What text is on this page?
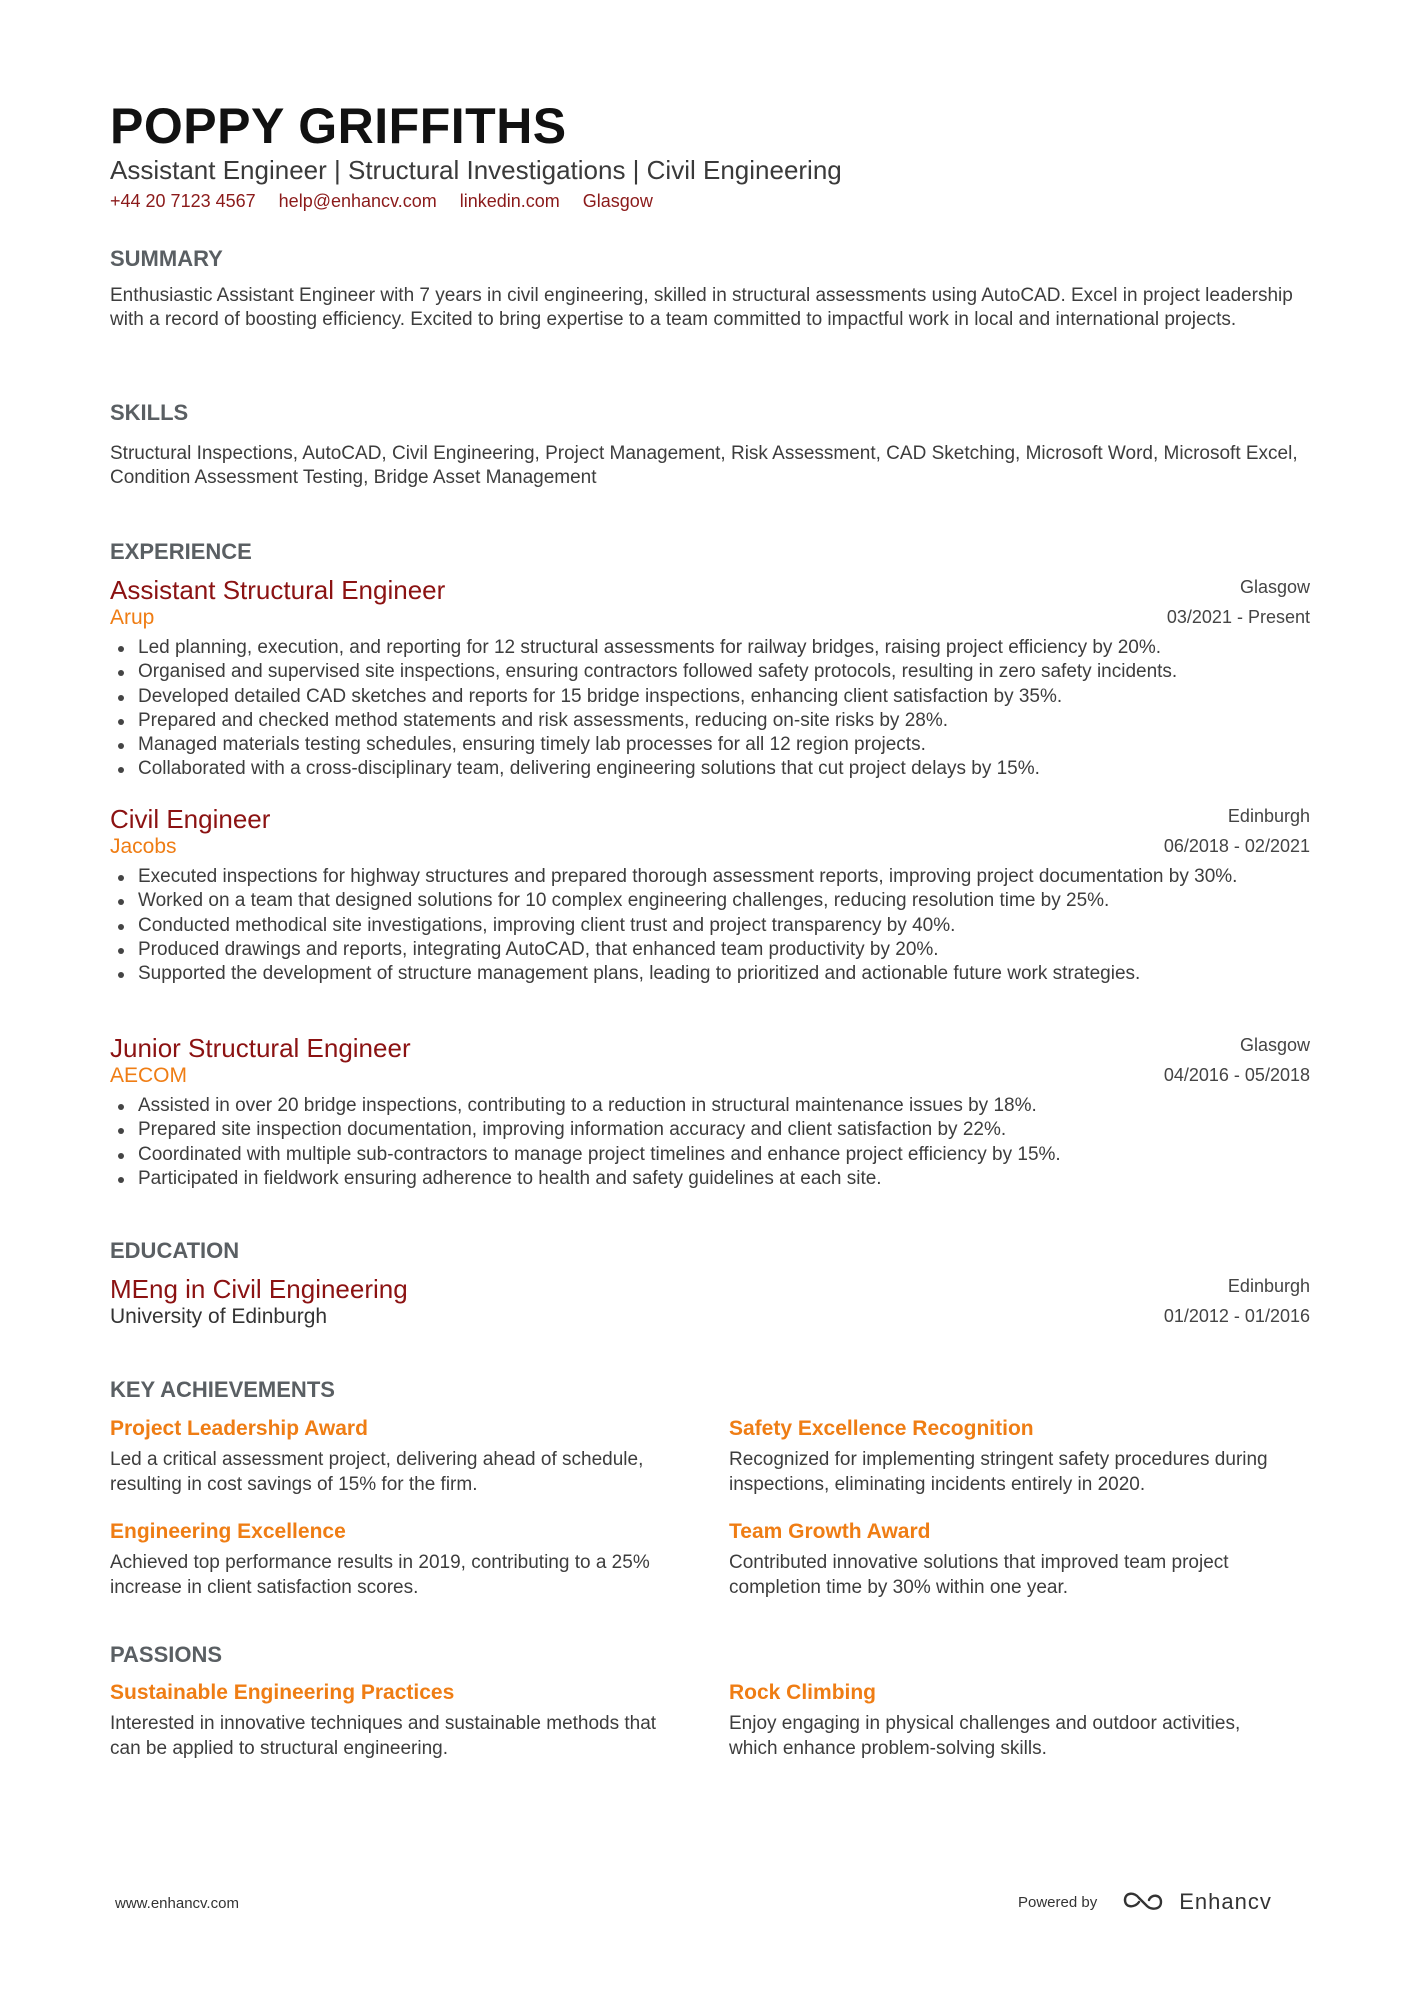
POPPY GRIFFITHS
Assistant Engineer | Structural Investigations | Civil Engineering
+44 20 7123 4567 help@enhancv.com linkedin.com Glasgow
SUMMARY
Enthusiastic Assistant Engineer with 7 years in civil engineering, skilled in structural assessments using AutoCAD. Excel in project leadership with a record of boosting efficiency. Excited to bring expertise to a team committed to impactful work in local and international projects.
SKILLS
Structural Inspections, AutoCAD, Civil Engineering, Project Management, Risk Assessment, CAD Sketching, Microsoft Word, Microsoft Excel, Condition Assessment Testing, Bridge Asset Management
EXPERIENCE
Assistant Structural Engineer
Arup
Glasgow
03/2021 - Present
Led planning, execution, and reporting for 12 structural assessments for railway bridges, raising project efficiency by 20%.
Organised and supervised site inspections, ensuring contractors followed safety protocols, resulting in zero safety incidents.
Developed detailed CAD sketches and reports for 15 bridge inspections, enhancing client satisfaction by 35%.
Prepared and checked method statements and risk assessments, reducing on-site risks by 28%.
Managed materials testing schedules, ensuring timely lab processes for all 12 region projects.
Collaborated with a cross-disciplinary team, delivering engineering solutions that cut project delays by 15%.
Civil Engineer
Jacobs
Edinburgh
06/2018 - 02/2021
Executed inspections for highway structures and prepared thorough assessment reports, improving project documentation by 30%.
Worked on a team that designed solutions for 10 complex engineering challenges, reducing resolution time by 25%.
Conducted methodical site investigations, improving client trust and project transparency by 40%.
Produced drawings and reports, integrating AutoCAD, that enhanced team productivity by 20%.
Supported the development of structure management plans, leading to prioritized and actionable future work strategies.
Junior Structural Engineer
AECOM
Glasgow
04/2016 - 05/2018
Assisted in over 20 bridge inspections, contributing to a reduction in structural maintenance issues by 18%.
Prepared site inspection documentation, improving information accuracy and client satisfaction by 22%.
Coordinated with multiple sub-contractors to manage project timelines and enhance project efficiency by 15%.
Participated in fieldwork ensuring adherence to health and safety guidelines at each site.
EDUCATION
MEng in Civil Engineering
University of Edinburgh
Edinburgh
01/2012 - 01/2016
KEY ACHIEVEMENTS
Project Leadership Award
Led a critical assessment project, delivering ahead of schedule, resulting in cost savings of 15% for the firm.
Safety Excellence Recognition
Recognized for implementing stringent safety procedures during inspections, eliminating incidents entirely in 2020.
Engineering Excellence
Achieved top performance results in 2019, contributing to a 25% increase in client satisfaction scores.
Team Growth Award
Contributed innovative solutions that improved team project completion time by 30% within one year.
PASSIONS
Sustainable Engineering Practices
Interested in innovative techniques and sustainable methods that can be applied to structural engineering.
Rock Climbing
Enjoy engaging in physical challenges and outdoor activities, which enhance problem-solving skills.
www.enhancv.com	Powered by	Enhancv
